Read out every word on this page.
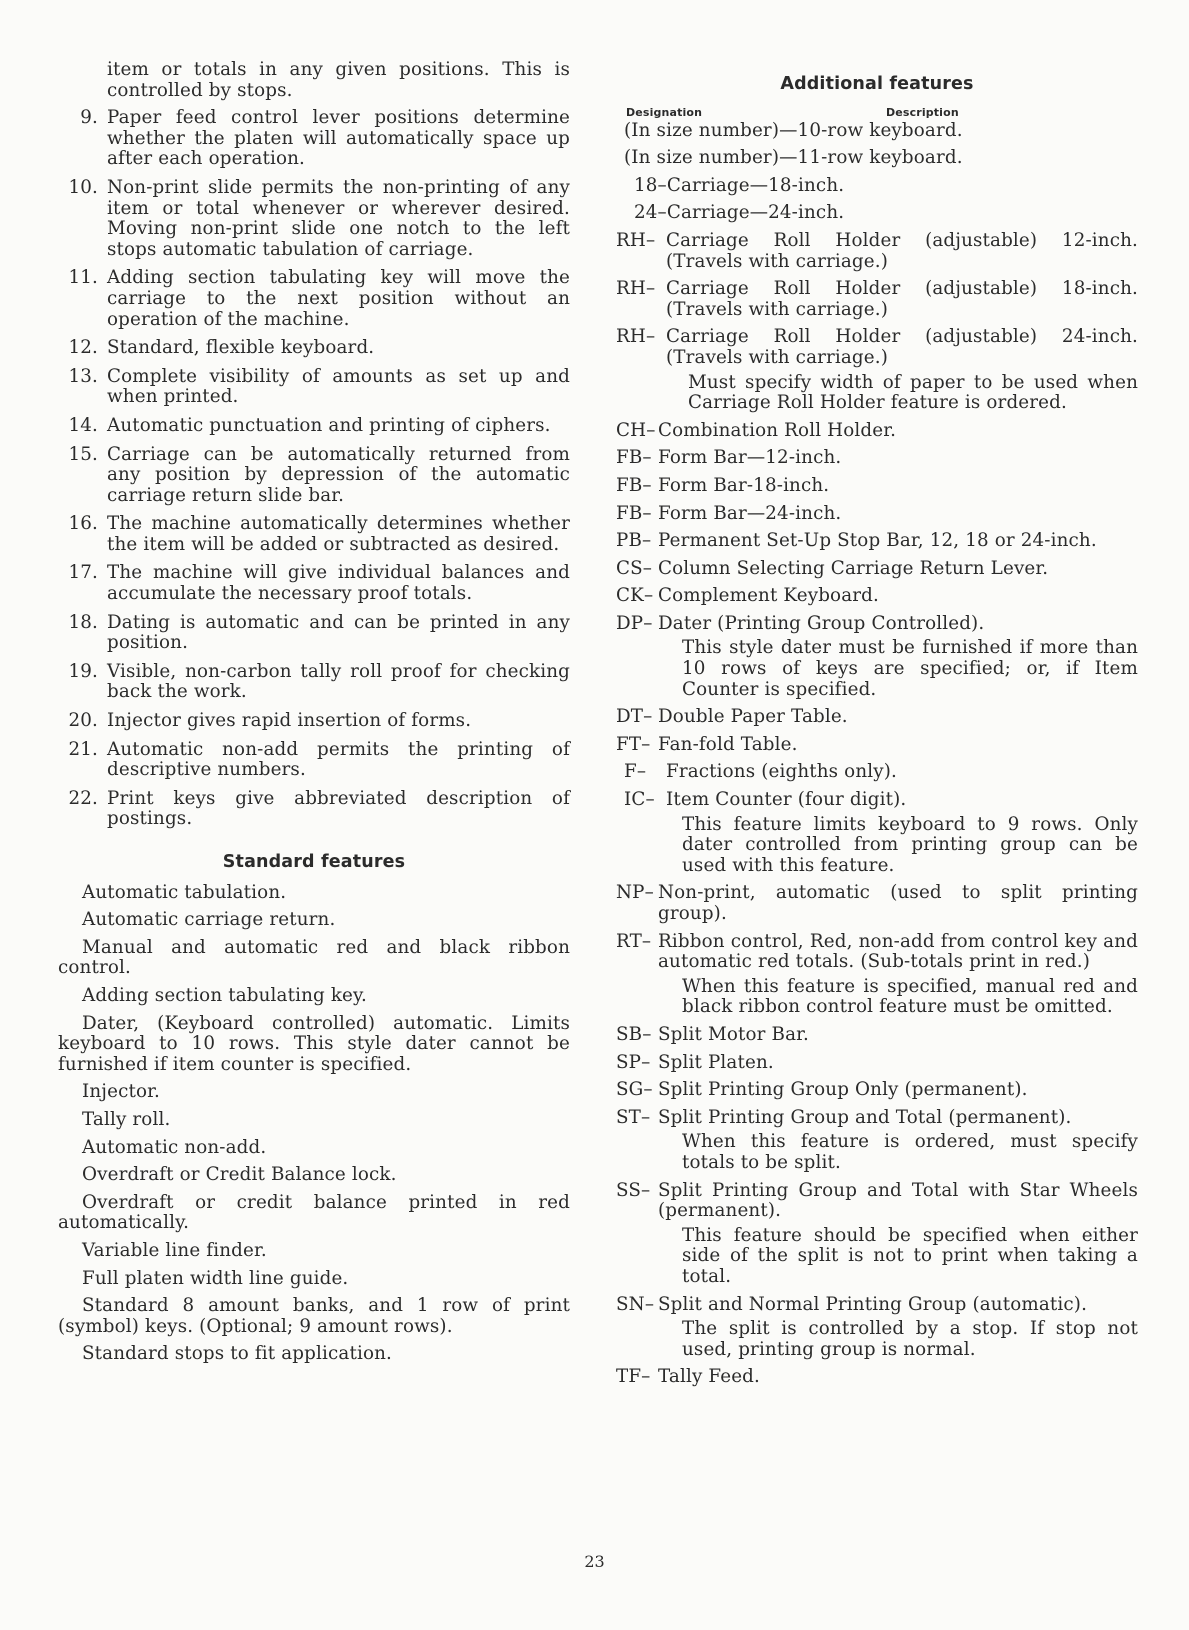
item or totals in any given positions. This is controlled by stops.

9. Paper feed control lever positions determine whether the platen will automatically space up after each operation.
10. Non-print slide permits the non-printing of any item or total whenever or wherever desired. Moving non-print slide one notch to the left stops automatic tabulation of carriage.
11. Adding section tabulating key will move the carriage to the next position without an operation of the machine.
12. Standard, flexible keyboard.
13. Complete visibility of amounts as set up and when printed.
14. Automatic punctuation and printing of ciphers.
15. Carriage can be automatically returned from any position by depression of the automatic carriage return slide bar.
16. The machine automatically determines whether the item will be added or subtracted as desired.
17. The machine will give individual balances and accumulate the necessary proof totals.
18. Dating is automatic and can be printed in any position.
19. Visible, non-carbon tally roll proof for checking back the work.
20. Injector gives rapid insertion of forms.
21. Automatic non-add permits the printing of descriptive numbers.
22. Print keys give abbreviated description of postings.
Standard features

Automatic tabulation.

Automatic carriage return.

Manual and automatic red and black ribbon control.

Adding section tabulating key.

Dater, (Keyboard controlled) automatic. Limits keyboard to 10 rows. This style dater cannot be furnished if item counter is specified.

Injector.

Tally roll.

Automatic non-add.

Overdraft or Credit Balance lock.

Overdraft or credit balance printed in red automatically.

Variable line finder.

Full platen width line guide.

Standard 8 amount banks, and 1 row of print (symbol) keys. (Optional; 9 amount rows).

Standard stops to fit application.

Additional features
Designation	Description

(In size number)—10-row keyboard.

(In size number)—11-row keyboard.

18–Carriage—18-inch.

24–Carriage—24-inch.

RH– Carriage Roll Holder (adjustable) 12-inch. (Travels with carriage.)
RH– Carriage Roll Holder (adjustable) 18-inch. (Travels with carriage.)
RH– Carriage Roll Holder (adjustable) 24-inch. (Travels with carriage.)

Must specify width of paper to be used when Carriage Roll Holder feature is ordered.

CH– Combination Roll Holder.
FB– Form Bar—12-inch.
FB– Form Bar-18-inch.
FB– Form Bar—24-inch.
PB– Permanent Set-Up Stop Bar, 12, 18 or 24-inch.
CS– Column Selecting Carriage Return Lever.
CK– Complement Keyboard.
DP– Dater (Printing Group Controlled).

This style dater must be furnished if more than 10 rows of keys are specified; or, if Item Counter is specified.

DT– Double Paper Table.
FT– Fan-fold Table.
F– Fractions (eighths only).
IC– Item Counter (four digit).

This feature limits keyboard to 9 rows. Only dater controlled from printing group can be used with this feature.

NP– Non-print, automatic (used to split printing group).
RT– Ribbon control, Red, non-add from control key and automatic red totals. (Sub-totals print in red.)

When this feature is specified, manual red and black ribbon control feature must be omitted.

SB– Split Motor Bar.
SP– Split Platen.
SG– Split Printing Group Only (permanent).
ST– Split Printing Group and Total (permanent).

When this feature is ordered, must specify totals to be split.

SS– Split Printing Group and Total with Star Wheels (permanent).

This feature should be specified when either side of the split is not to print when taking a total.

SN– Split and Normal Printing Group (automatic).

The split is controlled by a stop. If stop not used, printing group is normal.

TF– Tally Feed.
23
